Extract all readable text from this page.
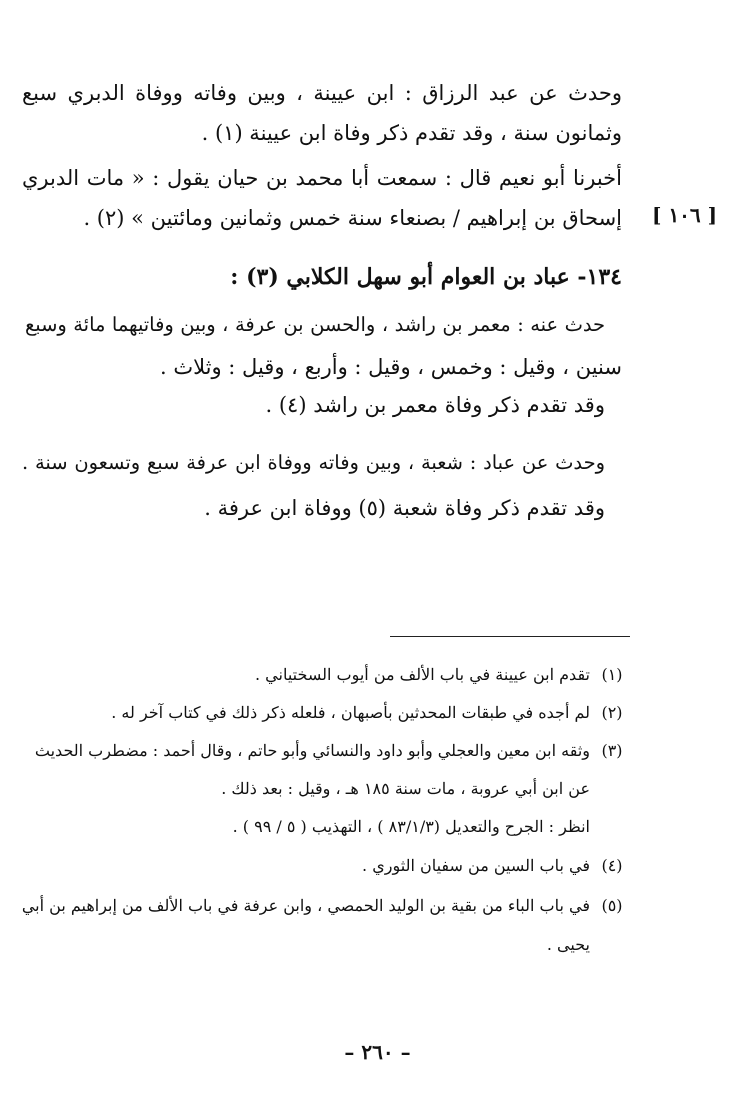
وحدث عن عبد الرزاق : ابن عيينة ، وبين وفاته ووفاة الدبري سبع
وثمانون سنة ، وقد تقدم ذكر وفاة ابن عيينة (١) .
أخبرنا أبو نعيم قال : سمعت أبا محمد بن حيان يقول : « مات الدبري
إسحاق بن إبراهيم / بصنعاء سنة خمس وثمانين ومائتين » (٢) . [ ١٠٦ ]
١٣٤- عباد بن العوام أبو سهل الكلابي (٣) :
حدث عنه : معمر بن راشد ، والحسن بن عرفة ، وبين وفاتيهما مائة وسبع
سنين ، وقيل : وخمس ، وقيل : وأربع ، وقيل : وثلاث .
وقد تقدم ذكر وفاة معمر بن راشد (٤) .
وحدث عن عباد : شعبة ، وبين وفاته ووفاة ابن عرفة سبع وتسعون سنة .
وقد تقدم ذكر وفاة شعبة (٥) ووفاة ابن عرفة .
(١)
تقدم ابن عيينة في باب الألف من أيوب السختياني .
(٢)
لم أجده في طبقات المحدثين بأصبهان ، فلعله ذكر ذلك في كتاب آخر له .
(٣)
وثقه ابن معين والعجلي وأبو داود والنسائي وأبو حاتم ، وقال أحمد : مضطرب الحديث
عن ابن أبي عروبة ، مات سنة ١٨٥ هـ ، وقيل : بعد ذلك .
انظر : الجرح والتعديل (٨٣/١/٣ ) ، التهذيب ( ٥ / ٩٩ ) .
(٤)
في باب السين من سفيان الثوري .
(٥)
في باب الباء من بقية بن الوليد الحمصي ، وابن عرفة في باب الألف من إبراهيم بن أبي
يحيى .
– ٢٦٠ –
